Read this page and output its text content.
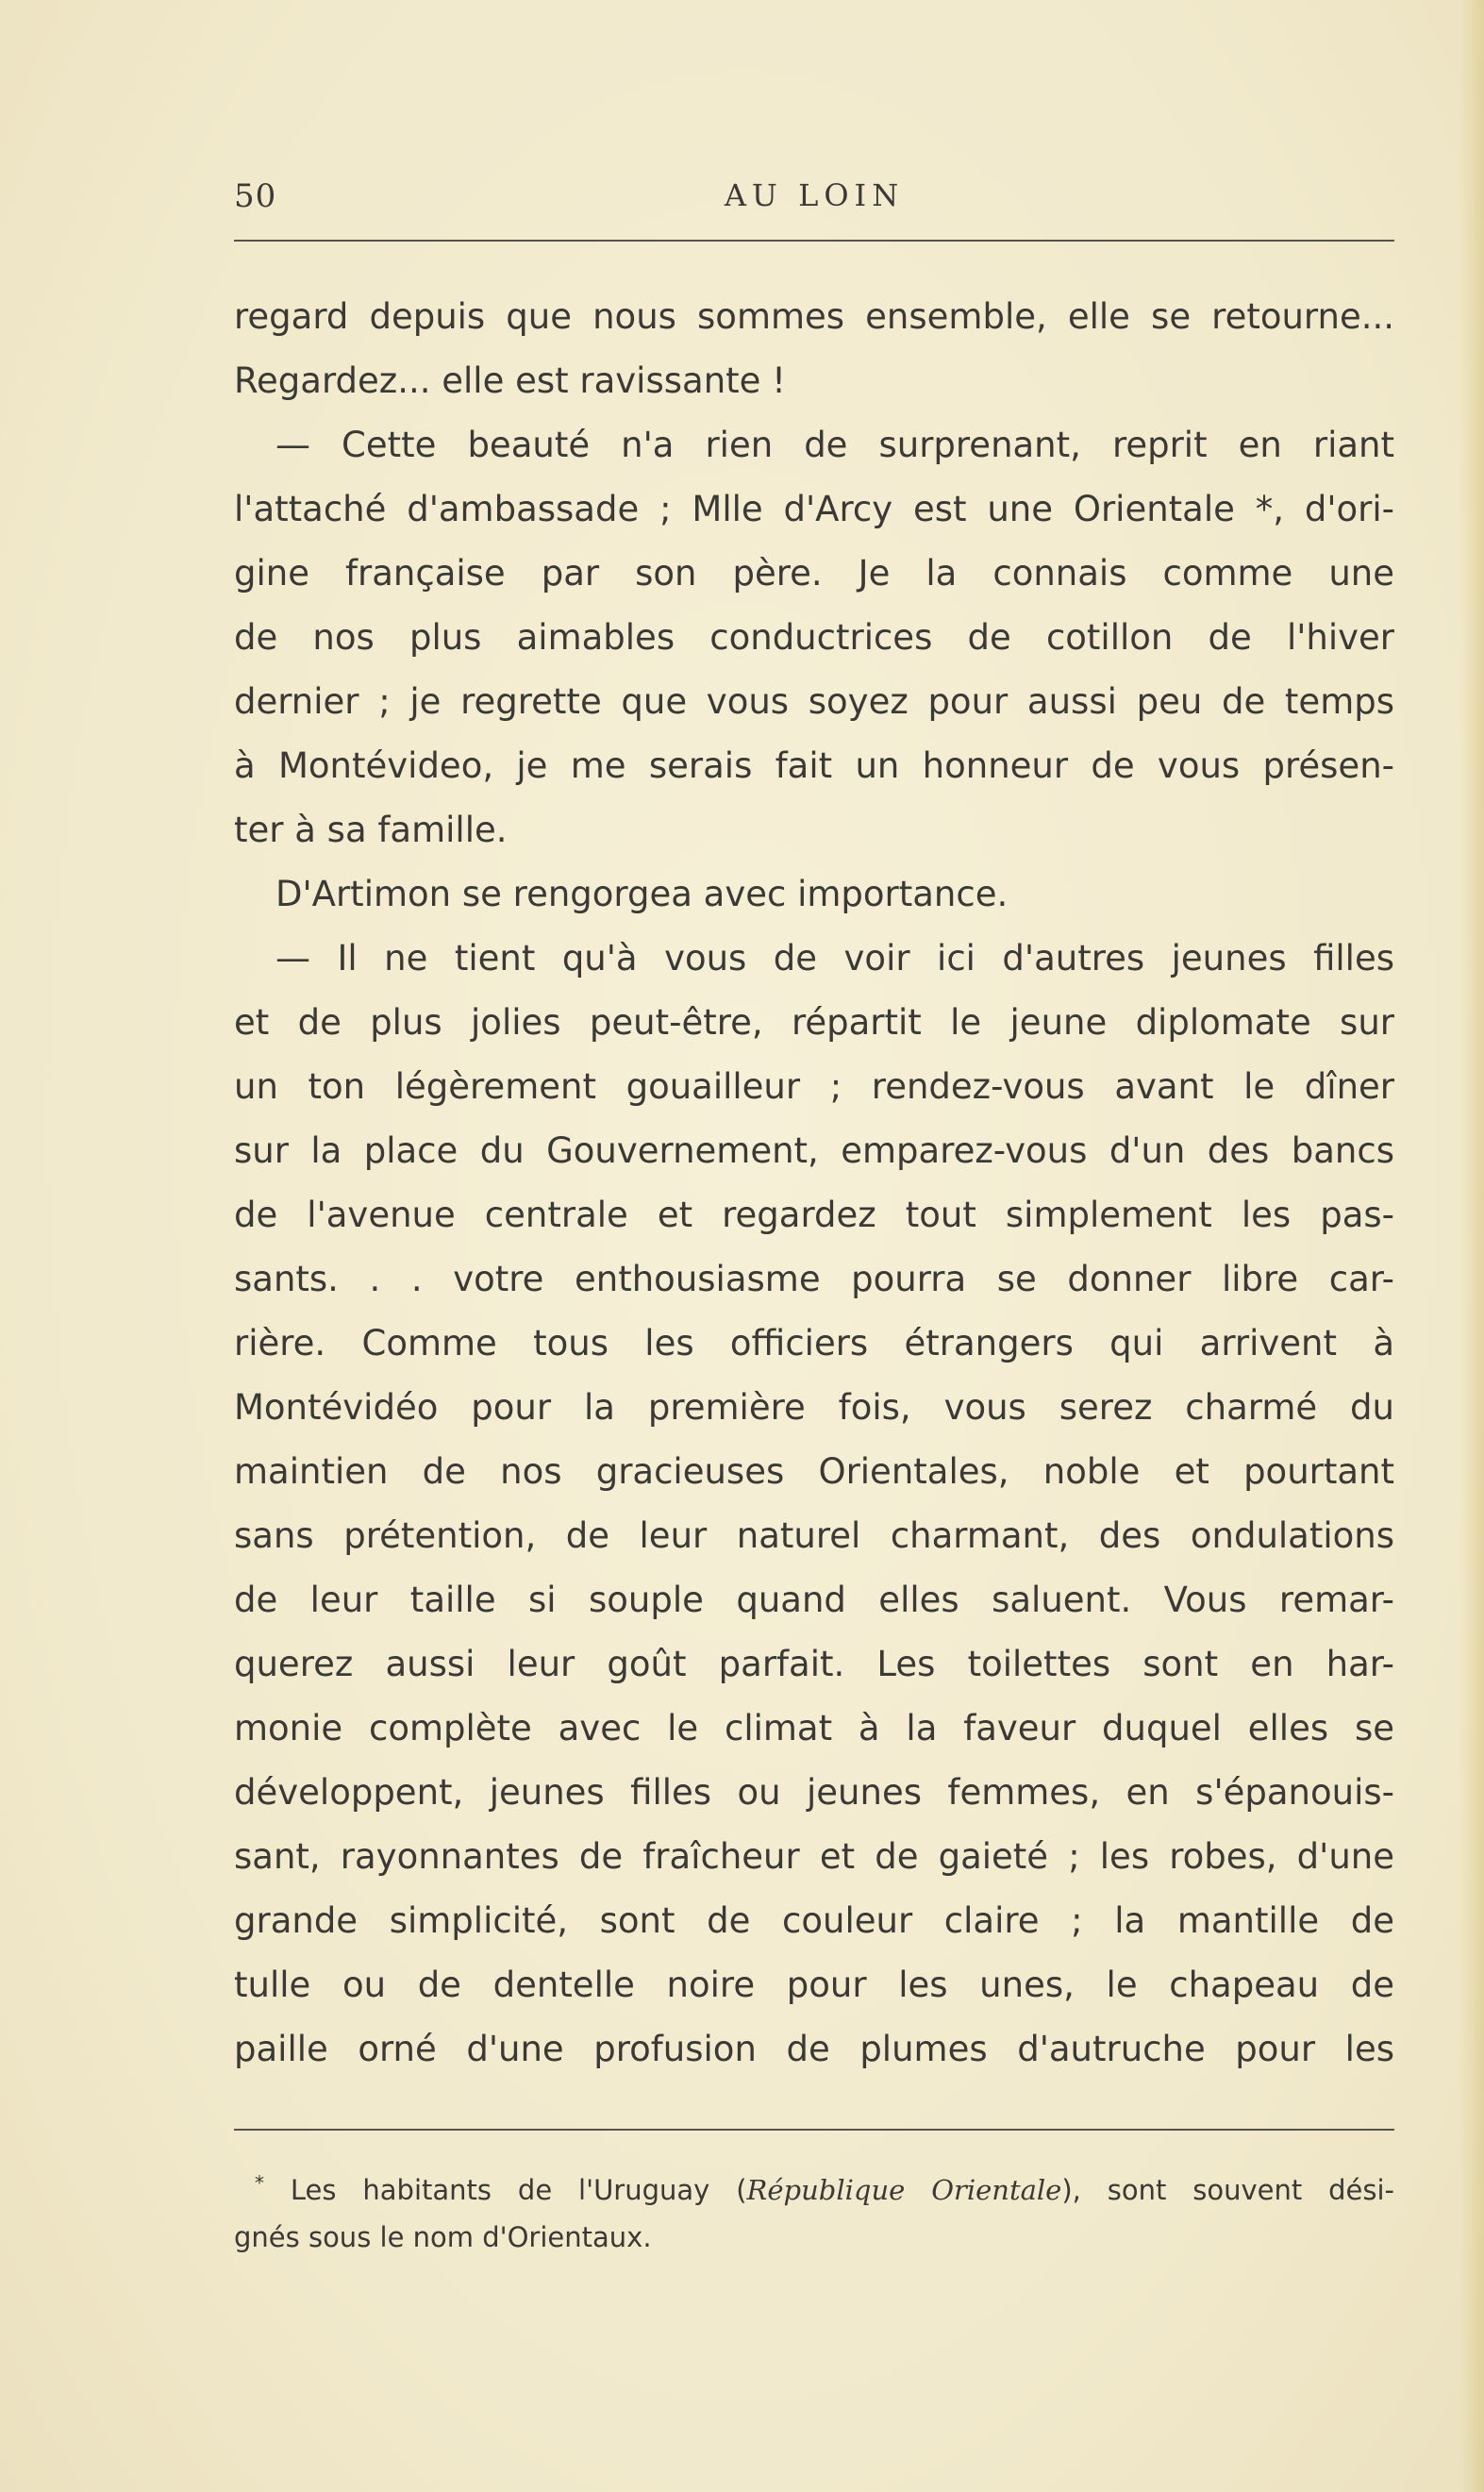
50	AU LOIN
regard depuis que nous sommes ensemble, elle se retourne...
Regardez... elle est ravissante !
— Cette beauté n'a rien de surprenant, reprit en riant
l'attaché d'ambassade ; Mlle d'Arcy est une Orientale *, d'ori-
gine française par son père. Je la connais comme une
de nos plus aimables conductrices de cotillon de l'hiver
dernier ; je regrette que vous soyez pour aussi peu de temps
à Montévideo, je me serais fait un honneur de vous présen-
ter à sa famille.
D'Artimon se rengorgea avec importance.
— Il ne tient qu'à vous de voir ici d'autres jeunes filles
et de plus jolies peut-être, répartit le jeune diplomate sur
un ton légèrement gouailleur ; rendez-vous avant le dîner
sur la place du Gouvernement, emparez-vous d'un des bancs
de l'avenue centrale et regardez tout simplement les pas-
sants. . . votre enthousiasme pourra se donner libre car-
rière. Comme tous les officiers étrangers qui arrivent à
Montévidéo pour la première fois, vous serez charmé du
maintien de nos gracieuses Orientales, noble et pourtant
sans prétention, de leur naturel charmant, des ondulations
de leur taille si souple quand elles saluent. Vous remar-
querez aussi leur goût parfait. Les toilettes sont en har-
monie complète avec le climat à la faveur duquel elles se
développent, jeunes filles ou jeunes femmes, en s'épanouis-
sant, rayonnantes de fraîcheur et de gaieté ; les robes, d'une
grande simplicité, sont de couleur claire ; la mantille de
tulle ou de dentelle noire pour les unes, le chapeau de
paille orné d'une profusion de plumes d'autruche pour les
* Les habitants de l'Uruguay (République Orientale), sont souvent dési-
gnés sous le nom d'Orientaux.
